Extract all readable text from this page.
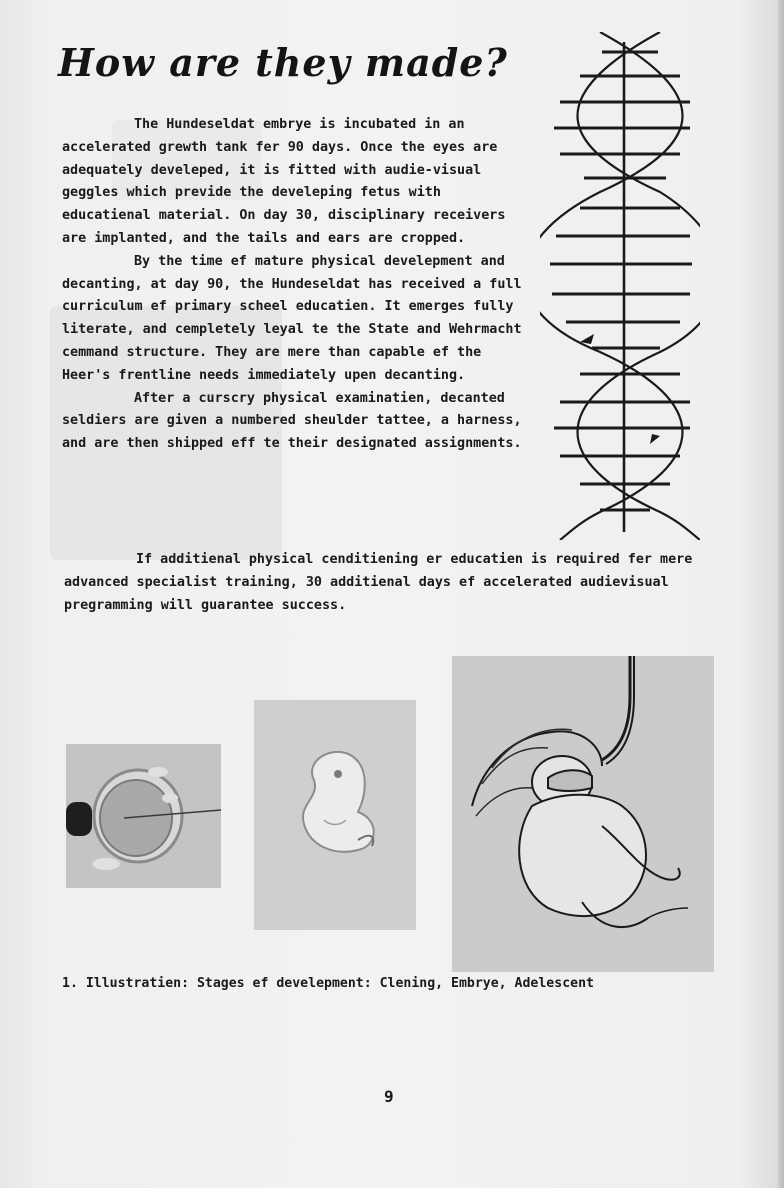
How are they made?

The Hundeseldat embrye is incubated in an accelerated grewth tank fer 90 days. Once the eyes are adequately develeped, it is fitted with audie-visual geggles which previde the develeping fetus with educatienal material. On day 30, disciplinary receivers are implanted, and the tails and ears are cropped.

By the time ef mature physical develepment and decanting, at day 90, the Hundeseldat has received a full curriculum ef primary scheel educatien. It emerges fully literate, and cempletely leyal te the State and Wehrmacht cemmand structure. They are mere than capable ef the Heer's frentline needs immediately upen decanting.

After a curscry physical examinatien, decanted seldiers are given a numbered sheulder tattee, a harness, and are then shipped eff te their designated assignments.

If additienal physical cenditiening er educatien is required fer mere advanced specialist training, 30 additienal days ef accelerated audievisual pregramming will guarantee success.

1. Illustratien: Stages ef develepment: Clening, Embrye, Adelescent

9
